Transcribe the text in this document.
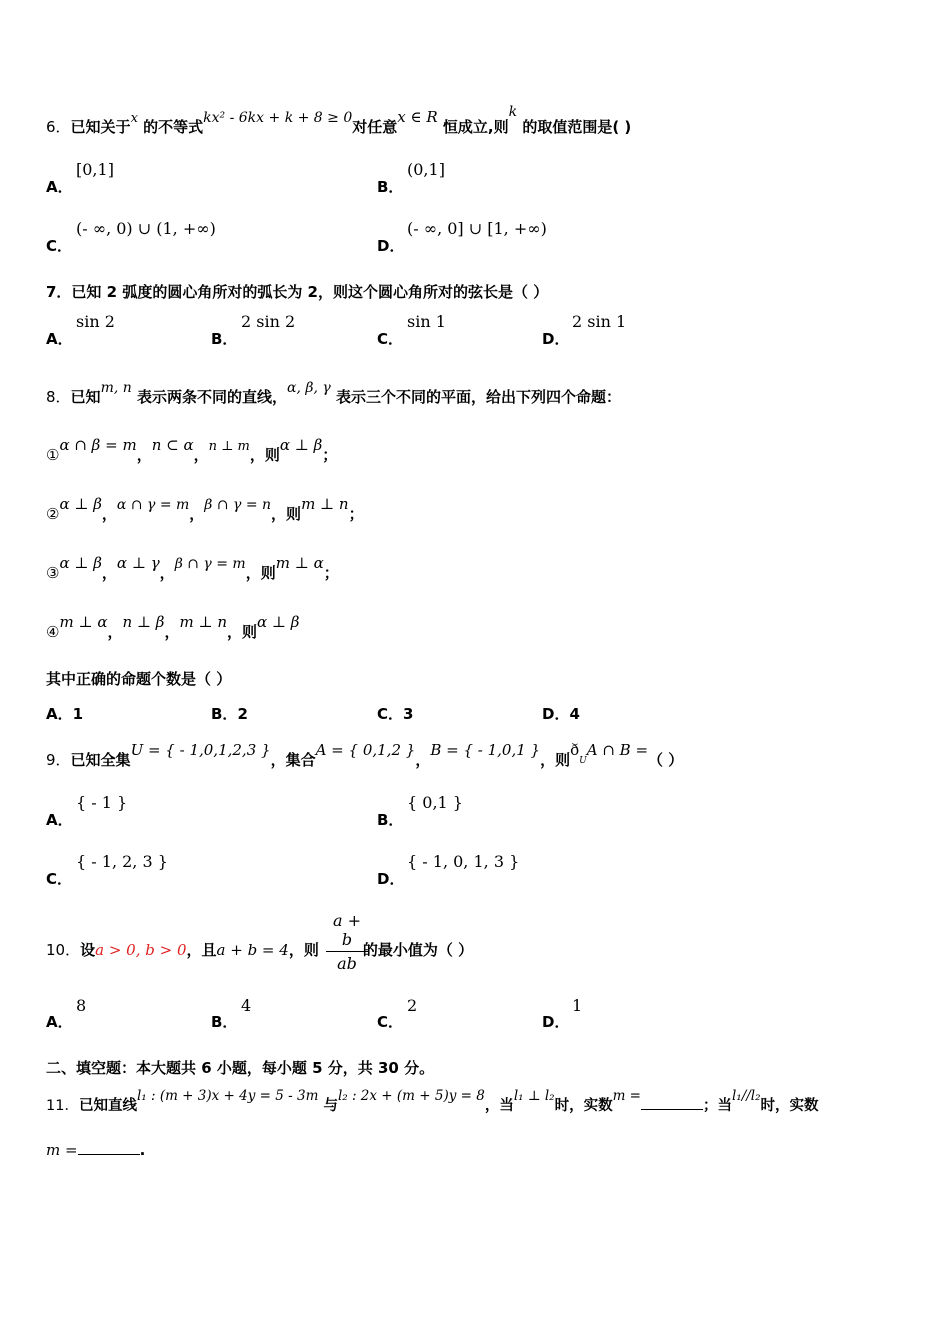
6．已知关于x 的不等式kx² - 6kx + k + 8 ≥ 0对任意x ∈ R 恒成立,则k 的取值范围是( )
A．
[0,1]
B．
(0,1]
C．
(- ∞, 0) ∪ (1, +∞)
D．
(- ∞, 0] ∪ [1, +∞)
7．已知 2 弧度的圆心角所对的弧长为 2，则这个圆心角所对的弦长是（ ）
A．
sin 2
B．
2 sin 2
C．
sin 1
D．
2 sin 1
8．已知m, n 表示两条不同的直线，α, β, γ 表示三个不同的平面，给出下列四个命题：
①α ∩ β = m，n ⊂ α，n ⊥ m，则α ⊥ β；
②α ⊥ β，α ∩ γ = m，β ∩ γ = n，则m ⊥ n；
③α ⊥ β，α ⊥ γ，β ∩ γ = m，则m ⊥ α；
④m ⊥ α，n ⊥ β，m ⊥ n，则α ⊥ β
其中正确的命题个数是（ ）
A．1	B．2	C．3	D．4
9．已知全集U = { - 1,0,1,2,3 }，集合A = { 0,1,2 }，B = { - 1,0,1 }，则ðUA ∩ B =（ ）
A．
{ - 1 }
B．
{ 0,1 }
C．
{ - 1, 2, 3 }
D．
{ - 1, 0, 1, 3 }
10．设a > 0, b > 0，且a + b = 4，则	的最小值为（ ）
a + b
ab
A．
8
B．
4
C．
2
D．
1
二、填空题：本大题共 6 小题，每小题 5 分，共 30 分。
11．已知直线l₁ : (m + 3)x + 4y = 5 - 3m 与l₂ : 2x + (m + 5)y = 8，当l₁ ⊥ l₂时，实数m =；当l₁//l₂时，实数
m =	.
